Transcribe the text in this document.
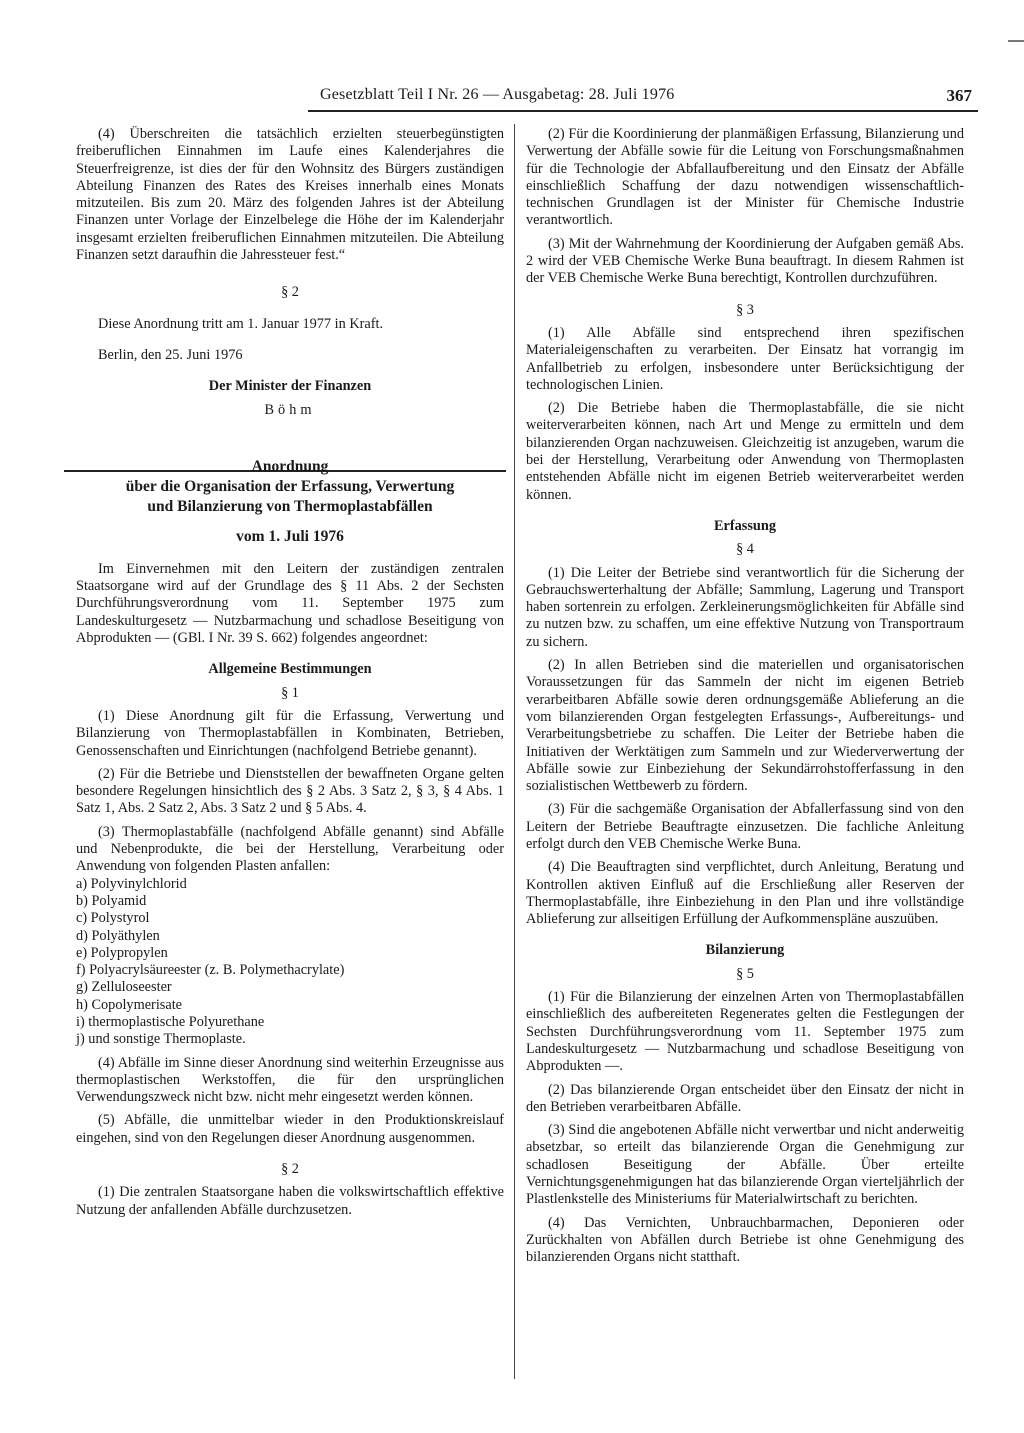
Gesetzblatt Teil I Nr. 26 — Ausgabetag: 28. Juli 1976	367

(4) Überschreiten die tatsächlich erzielten steuerbegünstigten freiberuflichen Einnahmen im Laufe eines Kalenderjahres die Steuerfreigrenze, ist dies der für den Wohnsitz des Bürgers zuständigen Abteilung Finanzen des Rates des Kreises innerhalb eines Monats mitzuteilen. Bis zum 20. März des folgenden Jahres ist der Abteilung Finanzen unter Vorlage der Einzelbelege die Höhe der im Kalenderjahr insgesamt erzielten freiberuflichen Einnahmen mitzuteilen. Die Abteilung Finanzen setzt daraufhin die Jahressteuer fest.“

§ 2

Diese Anordnung tritt am 1. Januar 1977 in Kraft.

Berlin, den 25. Juni 1976

Der Minister der Finanzen

Böhm

Anordnung
über die Organisation der Erfassung, Verwertung
und Bilanzierung von Thermoplastabfällen
vom 1. Juli 1976

Im Einvernehmen mit den Leitern der zuständigen zentralen Staatsorgane wird auf der Grundlage des § 11 Abs. 2 der Sechsten Durchführungsverordnung vom 11. September 1975 zum Landeskulturgesetz — Nutzbarmachung und schadlose Beseitigung von Abprodukten — (GBl. I Nr. 39 S. 662) folgendes angeordnet:

Allgemeine Bestimmungen

§ 1

(1) Diese Anordnung gilt für die Erfassung, Verwertung und Bilanzierung von Thermoplastabfällen in Kombinaten, Betrieben, Genossenschaften und Einrichtungen (nachfolgend Betriebe genannt).

(2) Für die Betriebe und Dienststellen der bewaffneten Organe gelten besondere Regelungen hinsichtlich des § 2 Abs. 3 Satz 2, § 3, § 4 Abs. 1 Satz 1, Abs. 2 Satz 2, Abs. 3 Satz 2 und § 5 Abs. 4.

(3) Thermoplastabfälle (nachfolgend Abfälle genannt) sind Abfälle und Nebenprodukte, die bei der Herstellung, Verarbeitung oder Anwendung von folgenden Plasten anfallen:

a) Polyvinylchlorid

b) Polyamid

c) Polystyrol

d) Polyäthylen

e) Polypropylen

f) Polyacrylsäureester (z. B. Polymethacrylate)

g) Zelluloseester

h) Copolymerisate

i) thermoplastische Polyurethane

j) und sonstige Thermoplaste.

(4) Abfälle im Sinne dieser Anordnung sind weiterhin Erzeugnisse aus thermoplastischen Werkstoffen, die für den ursprünglichen Verwendungszweck nicht bzw. nicht mehr eingesetzt werden können.

(5) Abfälle, die unmittelbar wieder in den Produktionskreislauf eingehen, sind von den Regelungen dieser Anordnung ausgenommen.

§ 2

(1) Die zentralen Staatsorgane haben die volkswirtschaftlich effektive Nutzung der anfallenden Abfälle durchzusetzen.

(2) Für die Koordinierung der planmäßigen Erfassung, Bilanzierung und Verwertung der Abfälle sowie für die Leitung von Forschungsmaßnahmen für die Technologie der Abfallaufbereitung und den Einsatz der Abfälle einschließlich Schaffung der dazu notwendigen wissenschaftlich-technischen Grundlagen ist der Minister für Chemische Industrie verantwortlich.

(3) Mit der Wahrnehmung der Koordinierung der Aufgaben gemäß Abs. 2 wird der VEB Chemische Werke Buna beauftragt. In diesem Rahmen ist der VEB Chemische Werke Buna berechtigt, Kontrollen durchzuführen.

§ 3

(1) Alle Abfälle sind entsprechend ihren spezifischen Materialeigenschaften zu verarbeiten. Der Einsatz hat vorrangig im Anfallbetrieb zu erfolgen, insbesondere unter Berücksichtigung der technologischen Linien.

(2) Die Betriebe haben die Thermoplastabfälle, die sie nicht weiterverarbeiten können, nach Art und Menge zu ermitteln und dem bilanzierenden Organ nachzuweisen. Gleichzeitig ist anzugeben, warum die bei der Herstellung, Verarbeitung oder Anwendung von Thermoplasten entstehenden Abfälle nicht im eigenen Betrieb weiterverarbeitet werden können.

Erfassung

§ 4

(1) Die Leiter der Betriebe sind verantwortlich für die Sicherung der Gebrauchswerterhaltung der Abfälle; Sammlung, Lagerung und Transport haben sortenrein zu erfolgen. Zerkleinerungsmöglichkeiten für Abfälle sind zu nutzen bzw. zu schaffen, um eine effektive Nutzung von Transportraum zu sichern.

(2) In allen Betrieben sind die materiellen und organisatorischen Voraussetzungen für das Sammeln der nicht im eigenen Betrieb verarbeitbaren Abfälle sowie deren ordnungsgemäße Ablieferung an die vom bilanzierenden Organ festgelegten Erfassungs-, Aufbereitungs- und Verarbeitungsbetriebe zu schaffen. Die Leiter der Betriebe haben die Initiativen der Werktätigen zum Sammeln und zur Wiederverwertung der Abfälle sowie zur Einbeziehung der Sekundärrohstofferfassung in den sozialistischen Wettbewerb zu fördern.

(3) Für die sachgemäße Organisation der Abfallerfassung sind von den Leitern der Betriebe Beauftragte einzusetzen. Die fachliche Anleitung erfolgt durch den VEB Chemische Werke Buna.

(4) Die Beauftragten sind verpflichtet, durch Anleitung, Beratung und Kontrollen aktiven Einfluß auf die Erschließung aller Reserven der Thermoplastabfälle, ihre Einbeziehung in den Plan und ihre vollständige Ablieferung zur allseitigen Erfüllung der Aufkommenspläne auszuüben.

Bilanzierung

§ 5

(1) Für die Bilanzierung der einzelnen Arten von Thermoplastabfällen einschließlich des aufbereiteten Regenerates gelten die Festlegungen der Sechsten Durchführungsverordnung vom 11. September 1975 zum Landeskulturgesetz — Nutzbarmachung und schadlose Beseitigung von Abprodukten —.

(2) Das bilanzierende Organ entscheidet über den Einsatz der nicht in den Betrieben verarbeitbaren Abfälle.

(3) Sind die angebotenen Abfälle nicht verwertbar und nicht anderweitig absetzbar, so erteilt das bilanzierende Organ die Genehmigung zur schadlosen Beseitigung der Abfälle. Über erteilte Vernichtungsgenehmigungen hat das bilanzierende Organ vierteljährlich der Plastlenkstelle des Ministeriums für Materialwirtschaft zu berichten.

(4) Das Vernichten, Unbrauchbarmachen, Deponieren oder Zurückhalten von Abfällen durch Betriebe ist ohne Genehmigung des bilanzierenden Organs nicht statthaft.
